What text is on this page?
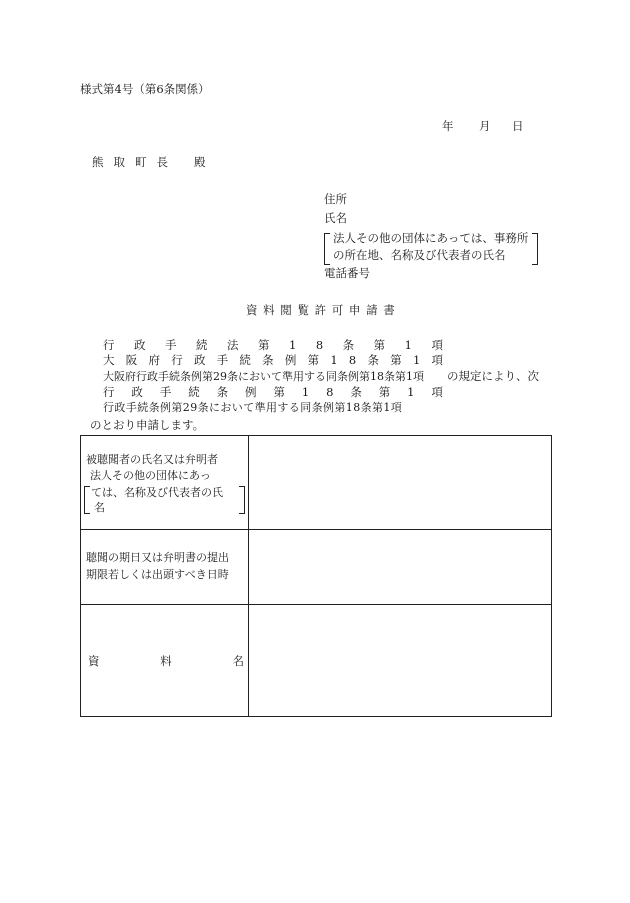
様式第4号（第6条関係）
年 月 日
熊 取 町 長 殿
住所
氏名
法人その他の団体にあっては、事務所
の所在地、名称及び代表者の氏名
電話番号
資 料 閲 覧 許 可 申 請 書
行 政 手 続 法 第 1 8 条 第 1 項
大 阪 府 行 政 手 続 条 例 第 1 8 条 第 1 項
大阪府行政手続条例第29条において準用する同条例第18条第1項 の規定により、次
行 政 手 続 条 例 第 1 8 条 第 1 項
行政手続条例第29条において準用する同条例第18条第1項
のとおり申請します。
被聴聞者の氏名又は弁明者
法人その他の団体にあっ
ては、名称及び代表者の氏
名	

聴聞の期日又は弁明書の提出
期限若しくは出頭すべき日時	

資 料 名	
